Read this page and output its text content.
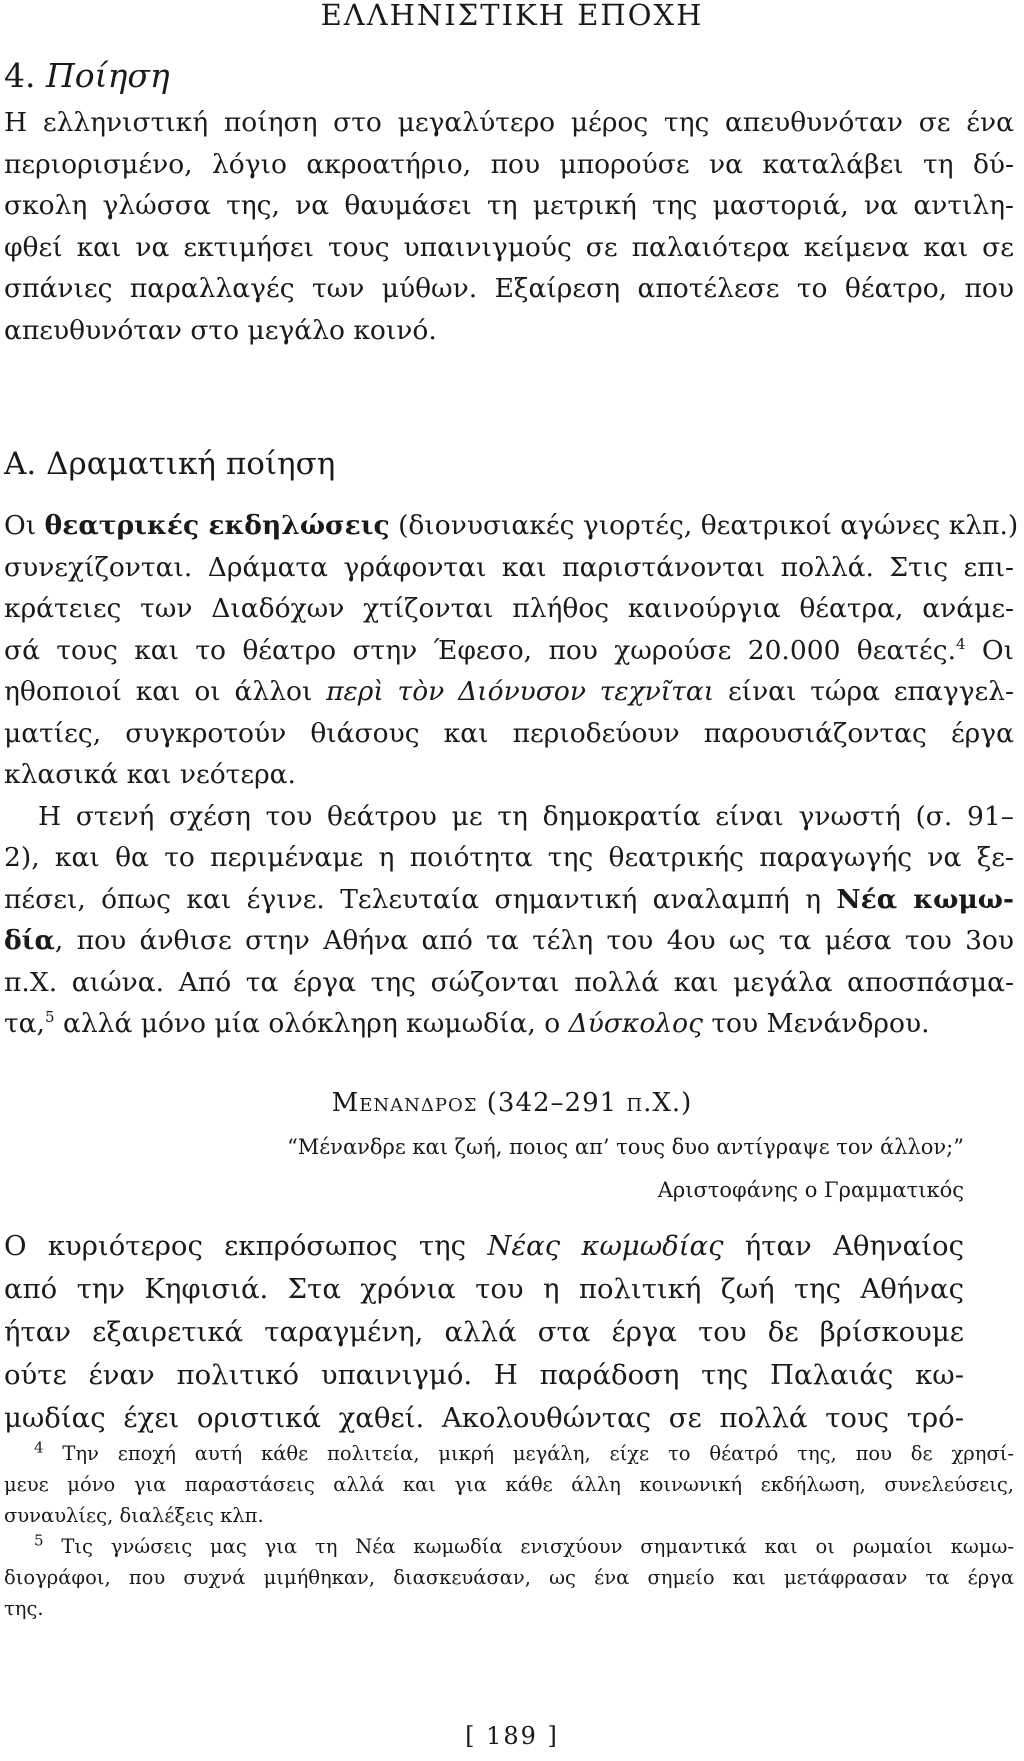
ΕΛΛΗΝΙΣΤΙΚΗ ΕΠΟΧΗ
4. Ποίηση

Η ελληνιστική ποίηση στο μεγαλύτερο μέρος της απευθυνόταν σε ένα
περιορισμένο, λόγιο ακροατήριο, που μπορούσε να καταλάβει τη δύ-
σκολη γλώσσα της, να θαυμάσει τη μετρική της μαστοριά, να αντιλη-
φθεί και να εκτιμήσει τους υπαινιγμούς σε παλαιότερα κείμενα και σε
σπάνιες παραλλαγές των μύθων. Εξαίρεση αποτέλεσε το θέατρο, που
απευθυνόταν στο μεγάλο κοινό.

Α. Δραματική ποίηση

Οι θεατρικές εκδηλώσεις (διονυσιακές γιορτές, θεατρικοί αγώνες κλπ.)
συνεχίζονται. Δράματα γράφονται και παριστάνονται πολλά. Στις επι-
κράτειες των Διαδόχων χτίζονται πλήθος καινούργια θέατρα, ανάμε-
σά τους και το θέατρο στην Έφεσο, που χωρούσε 20.000 θεατές.$^4$ Οι
ηθοποιοί και οι άλλοι περὶ τὸν Διόνυσον τεχνῖται είναι τώρα επαγγελ-
ματίες, συγκροτούν θιάσους και περιοδεύουν παρουσιάζοντας έργα
κλασικά και νεότερα.
Η στενή σχέση του θεάτρου με τη δημοκρατία είναι γνωστή (σ. 91–
2), και θα το περιμέναμε η ποιότητα της θεατρικής παραγωγής να ξε-
πέσει, όπως και έγινε. Τελευταία σημαντική αναλαμπή η Νέα κωμω-
δία, που άνθισε στην Αθήνα από τα τέλη του 4ου ως τα μέσα του 3ου
π.Χ. αιώνα. Από τα έργα της σώζονται πολλά και μεγάλα αποσπάσμα-
τα,$^5$ αλλά μόνο μία ολόκληρη κωμωδία, ο Δύσκολος του Μενάνδρου.

Μενανδρος (342–291 π.Χ.)
“Μένανδρε και ζωή, ποιος απ’ τους δυο αντίγραψε τον άλλον;”
Αριστοφάνης ο Γραμματικός

Ο κυριότερος εκπρόσωπος της Νέας κωμωδίας ήταν Αθηναίος
από την Κηφισιά. Στα χρόνια του η πολιτική ζωή της Αθήνας
ήταν εξαιρετικά ταραγμένη, αλλά στα έργα του δε βρίσκουμε
ούτε έναν πολιτικό υπαινιγμό. Η παράδοση της Παλαιάς κω-
μωδίας έχει οριστικά χαθεί. Ακολουθώντας σε πολλά τους τρό-

$^4$ Την εποχή αυτή κάθε πολιτεία, μικρή μεγάλη, είχε το θέατρό της, που δε χρησί-
μευε μόνο για παραστάσεις αλλά και για κάθε άλλη κοινωνική εκδήλωση, συνελεύσεις,
συναυλίες, διαλέξεις κλπ.
$^5$ Τις γνώσεις μας για τη Νέα κωμωδία ενισχύουν σημαντικά και οι ρωμαίοι κωμω-
διογράφοι, που συχνά μιμήθηκαν, διασκευάσαν, ως ένα σημείο και μετάφρασαν τα έργα
της.
[ 189 ]
